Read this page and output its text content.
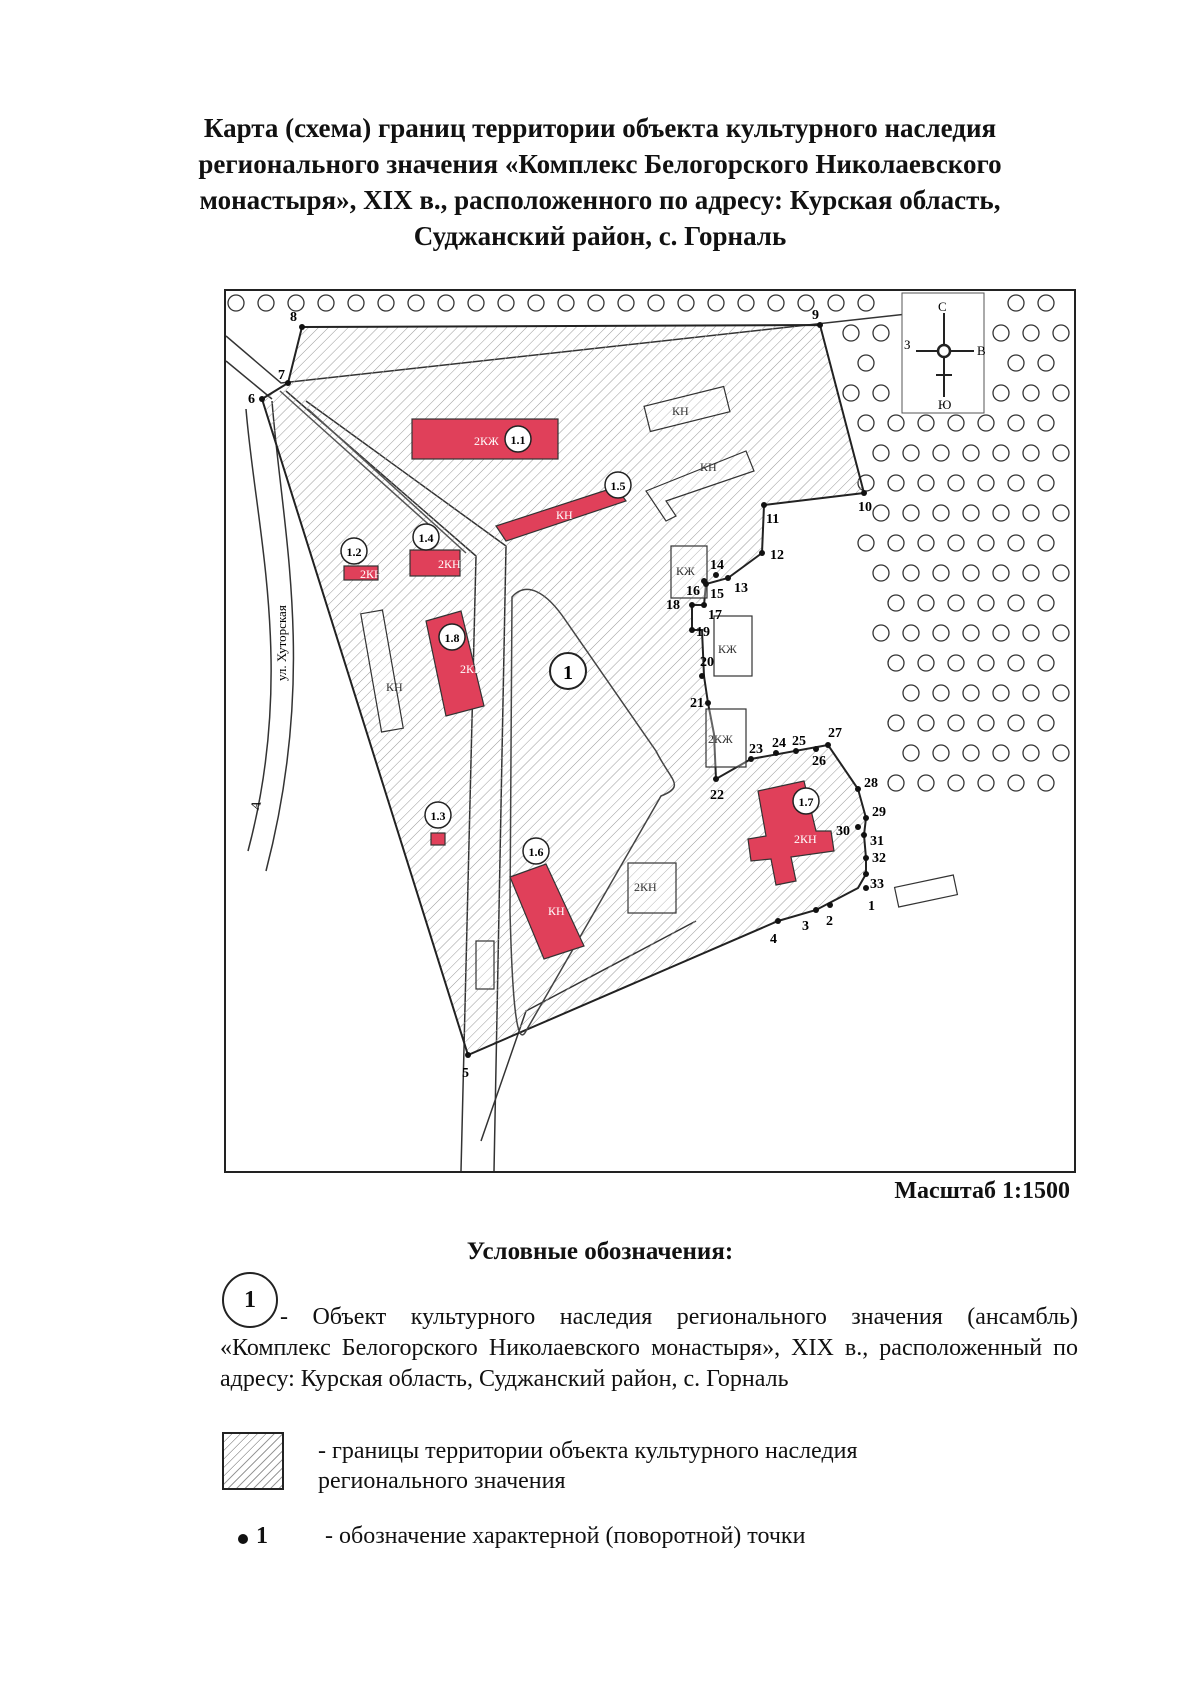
Карта (схема) границ территории объекта культурного наследия
регионального значения «Комплекс Белогорского Николаевского
монастыря», XIX в., расположенного по адресу: Курская область,
Суджанский район, с. Горналь
1
1.1
2КЖ
1.2
2КН
1.3
1.4
2КН
1.5
КН
1.6
КН
1.7
2КН
1.8
2КН
КН
КН
КЖ
КЖ
2КЖ
КН
2КН
1
2
3
4
5
6
7
8	9
10
11
12
13
14
15
16
17
18
19
20
21
22
23 24 25
26
27
28
29
30
31
32
33
С
Ю
В
З
ул. Хуторская
А
Масштаб 1:1500
Условные обозначения:
1
- Объект культурного наследия регионального значения (ансамбль) «Комплекс Белогорского Николаевского монастыря», XIX в., расположенный по адресу: Курская область, Суджанский район, с. Горналь
- границы территории объекта культурного наследия
регионального значения
1 - обозначение характерной (поворотной) точки
